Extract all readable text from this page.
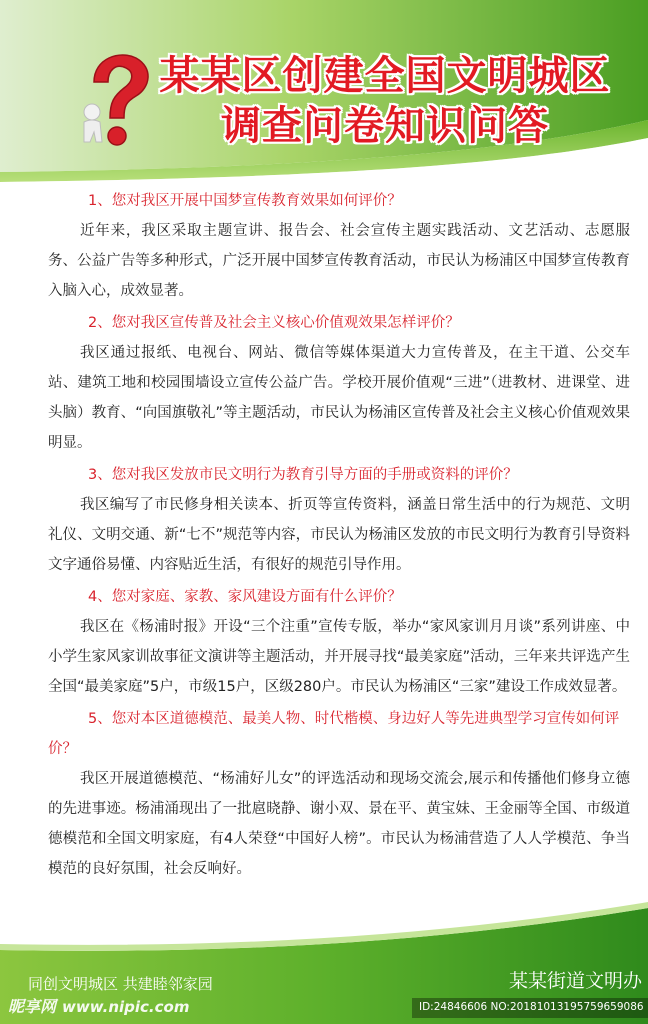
某某区创建全国文明城区
调查问卷知识问答

1、您对我区开展中国梦宣传教育效果如何评价？

近年来，我区采取主题宣讲、报告会、社会宣传主题实践活动、文艺活动、志愿服务、公益广告等多种形式，广泛开展中国梦宣传教育活动，市民认为杨浦区中国梦宣传教育入脑入心，成效显著。

2、您对我区宣传普及社会主义核心价值观效果怎样评价？

我区通过报纸、电视台、网站、微信等媒体渠道大力宣传普及，在主干道、公交车站、建筑工地和校园围墙设立宣传公益广告。学校开展价值观“三进”（进教材、进课堂、进头脑）教育、“向国旗敬礼”等主题活动，市民认为杨浦区宣传普及社会主义核心价值观效果明显。

3、您对我区发放市民文明行为教育引导方面的手册或资料的评价？

我区编写了市民修身相关读本、折页等宣传资料，涵盖日常生活中的行为规范、文明礼仪、文明交通、新“七不”规范等内容，市民认为杨浦区发放的市民文明行为教育引导资料文字通俗易懂、内容贴近生活，有很好的规范引导作用。

4、您对家庭、家教、家风建设方面有什么评价？

我区在《杨浦时报》开设“三个注重”宣传专版，举办“家风家训月月谈”系列讲座、中小学生家风家训故事征文演讲等主题活动，并开展寻找“最美家庭”活动，三年来共评选产生全国“最美家庭”5户，市级15户，区级280户。市民认为杨浦区“三家”建设工作成效显著。

5、您对本区道德模范、最美人物、时代楷模、身边好人等先进典型学习宣传如何评价？

我区开展道德模范、“杨浦好儿女”的评选活动和现场交流会,展示和传播他们修身立德的先进事迹。杨浦涌现出了一批扈晓静、谢小双、景在平、黄宝妹、王金丽等全国、市级道德模范和全国文明家庭，有4人荣登“中国好人榜”。市民认为杨浦营造了人人学模范、争当模范的良好氛围，社会反响好。

同创文明城区 共建睦邻家园	某某街道文明办
昵享网 www.nipic.com	ID:24846606 NO:20181013195759659086
